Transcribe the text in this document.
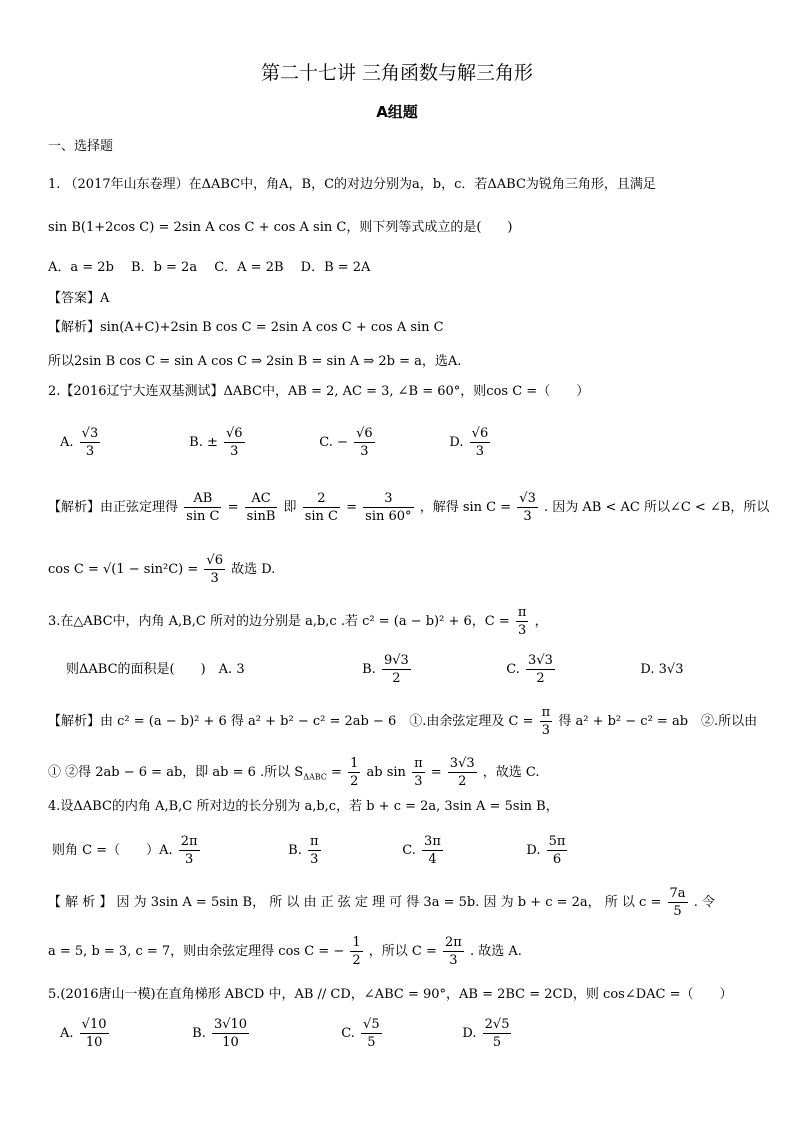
第二十七讲 三角函数与解三角形
A组题
一、选择题
1. （2017年山东卷理）在ΔABC中，角A，B，C的对边分别为a，b，c．若ΔABC为锐角三角形，且满足
sin B(1+2cos C) = 2sin A cos C + cos A sin C，则下列等式成立的是(　　)
A．a = 2b　 B．b = 2a　 C．A = 2B　 D．B = 2A
【答案】A
【解析】sin(A+C)+2sin B cos C = 2sin A cos C + cos A sin C
所以2sin B cos C = sin A cos C ⇒ 2sin B = sin A ⇒ 2b = a，选A.
2.【2016辽宁大连双基测试】ΔABC中，AB = 2, AC = 3, ∠B = 60°，则cos C =（　　）
A. $\frac{√3}{3}$	B. ± $\frac{√6}{3}$	C. − $\frac{√6}{3}$	D. $\frac{√6}{3}$
【解析】由正弦定理得 $\frac{AB}{\text{sin C}} = \frac{AC}{\sin B}$ 即 $\frac{2}{\text{sin C}} = \frac{3}{\sin 60^\circ}$ ，解得 $\sin C = \frac{√3}{3}$ . 因为 AB < AC 所以∠C < ∠B，所以
$\cos C = √(1 - \sin^2C) = \frac{√6}{3}$ 故选 D.
3.在△ABC中，内角 A,B,C 所对的边分别是 a,b,c .若 c² = (a − b)² + 6，$C = \frac{\pi}{3}$ ，
则ΔABC的面积是(　　)　A. 3	B. $\frac{9√3}{2}$	C. $\frac{3√3}{2}$	D. 3√3
【解析】由 c² = (a − b)² + 6 得 a² + b² − c² = 2ab − 6　①.由余弦定理及 $C = \frac{\pi}{3}$ 得 a² + b² − c² = ab　②.所以由
① ②得 2ab − 6 = ab，即 ab = 6 .所以 $S_{\Delta ABC} = \frac{1}{2}$ ab $\sin \frac{\pi}{3} = \frac{3√3}{2}$ ，故选 C.
4.设ΔABC的内角 A,B,C 所对边的长分别为 a,b,c，若 b + c = 2a, 3sin A = 5sin B，
则角 C =（　　）A. $\frac{2\pi}{3}$	B. $\frac{\pi}{3}$	C. $\frac{3\pi}{4}$	D. $\frac{5\pi}{6}$
【 解 析 】 因 为 3sin A = 5sin B， 所 以 由 正 弦 定 理 可 得 3a = 5b. 因 为 b + c = 2a， 所 以 $c = \frac{7a}{5}$ . 令
a = 5, b = 3, c = 7，则由余弦定理得 cos C = − $\frac{1}{2}$ ，所以 $C = \frac{2\pi}{3}$ . 故选 A.
5.(2016唐山一模)在直角梯形 ABCD 中，AB // CD，∠ABC = 90°，AB = 2BC = 2CD，则 cos∠DAC =（　　）
A. $\frac{√10}{10}$	B. $\frac{3√10}{10}$	C. $\frac{√5}{5}$	D. $\frac{2√5}{5}$
